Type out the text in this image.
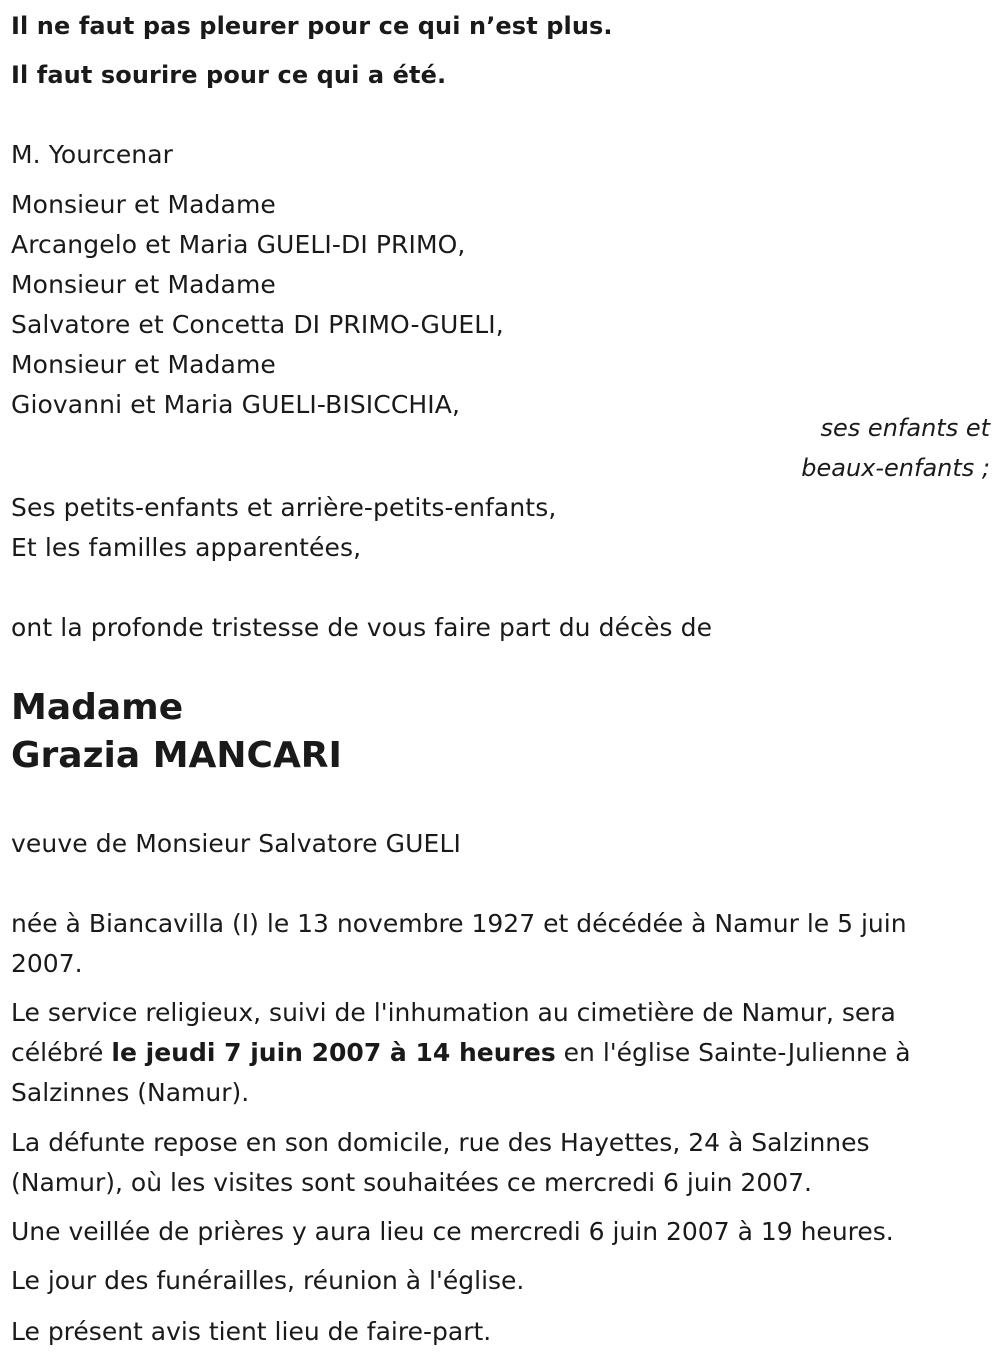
Il ne faut pas pleurer pour ce qui n’est plus.
Il faut sourire pour ce qui a été.
M. Yourcenar
Monsieur et Madame
Arcangelo et Maria GUELI-DI PRIMO,
Monsieur et Madame
Salvatore et Concetta DI PRIMO-GUELI,
Monsieur et Madame
Giovanni et Maria GUELI-BISICCHIA,
ses enfants et
beaux-enfants ;
Ses petits-enfants et arrière-petits-enfants,
Et les familles apparentées,
ont la profonde tristesse de vous faire part du décès de
Madame
Grazia MANCARI
veuve de Monsieur Salvatore GUELI
née à Biancavilla (I) le 13 novembre 1927 et décédée à Namur le 5 juin 2007.
Le service religieux, suivi de l'inhumation au cimetière de Namur, sera célébré le jeudi 7 juin 2007 à 14 heures en l'église Sainte-Julienne à Salzinnes (Namur).
La défunte repose en son domicile, rue des Hayettes, 24 à Salzinnes (Namur), où les visites sont souhaitées ce mercredi 6 juin 2007.
Une veillée de prières y aura lieu ce mercredi 6 juin 2007 à 19 heures.
Le jour des funérailles, réunion à l'église.
Le présent avis tient lieu de faire-part.
